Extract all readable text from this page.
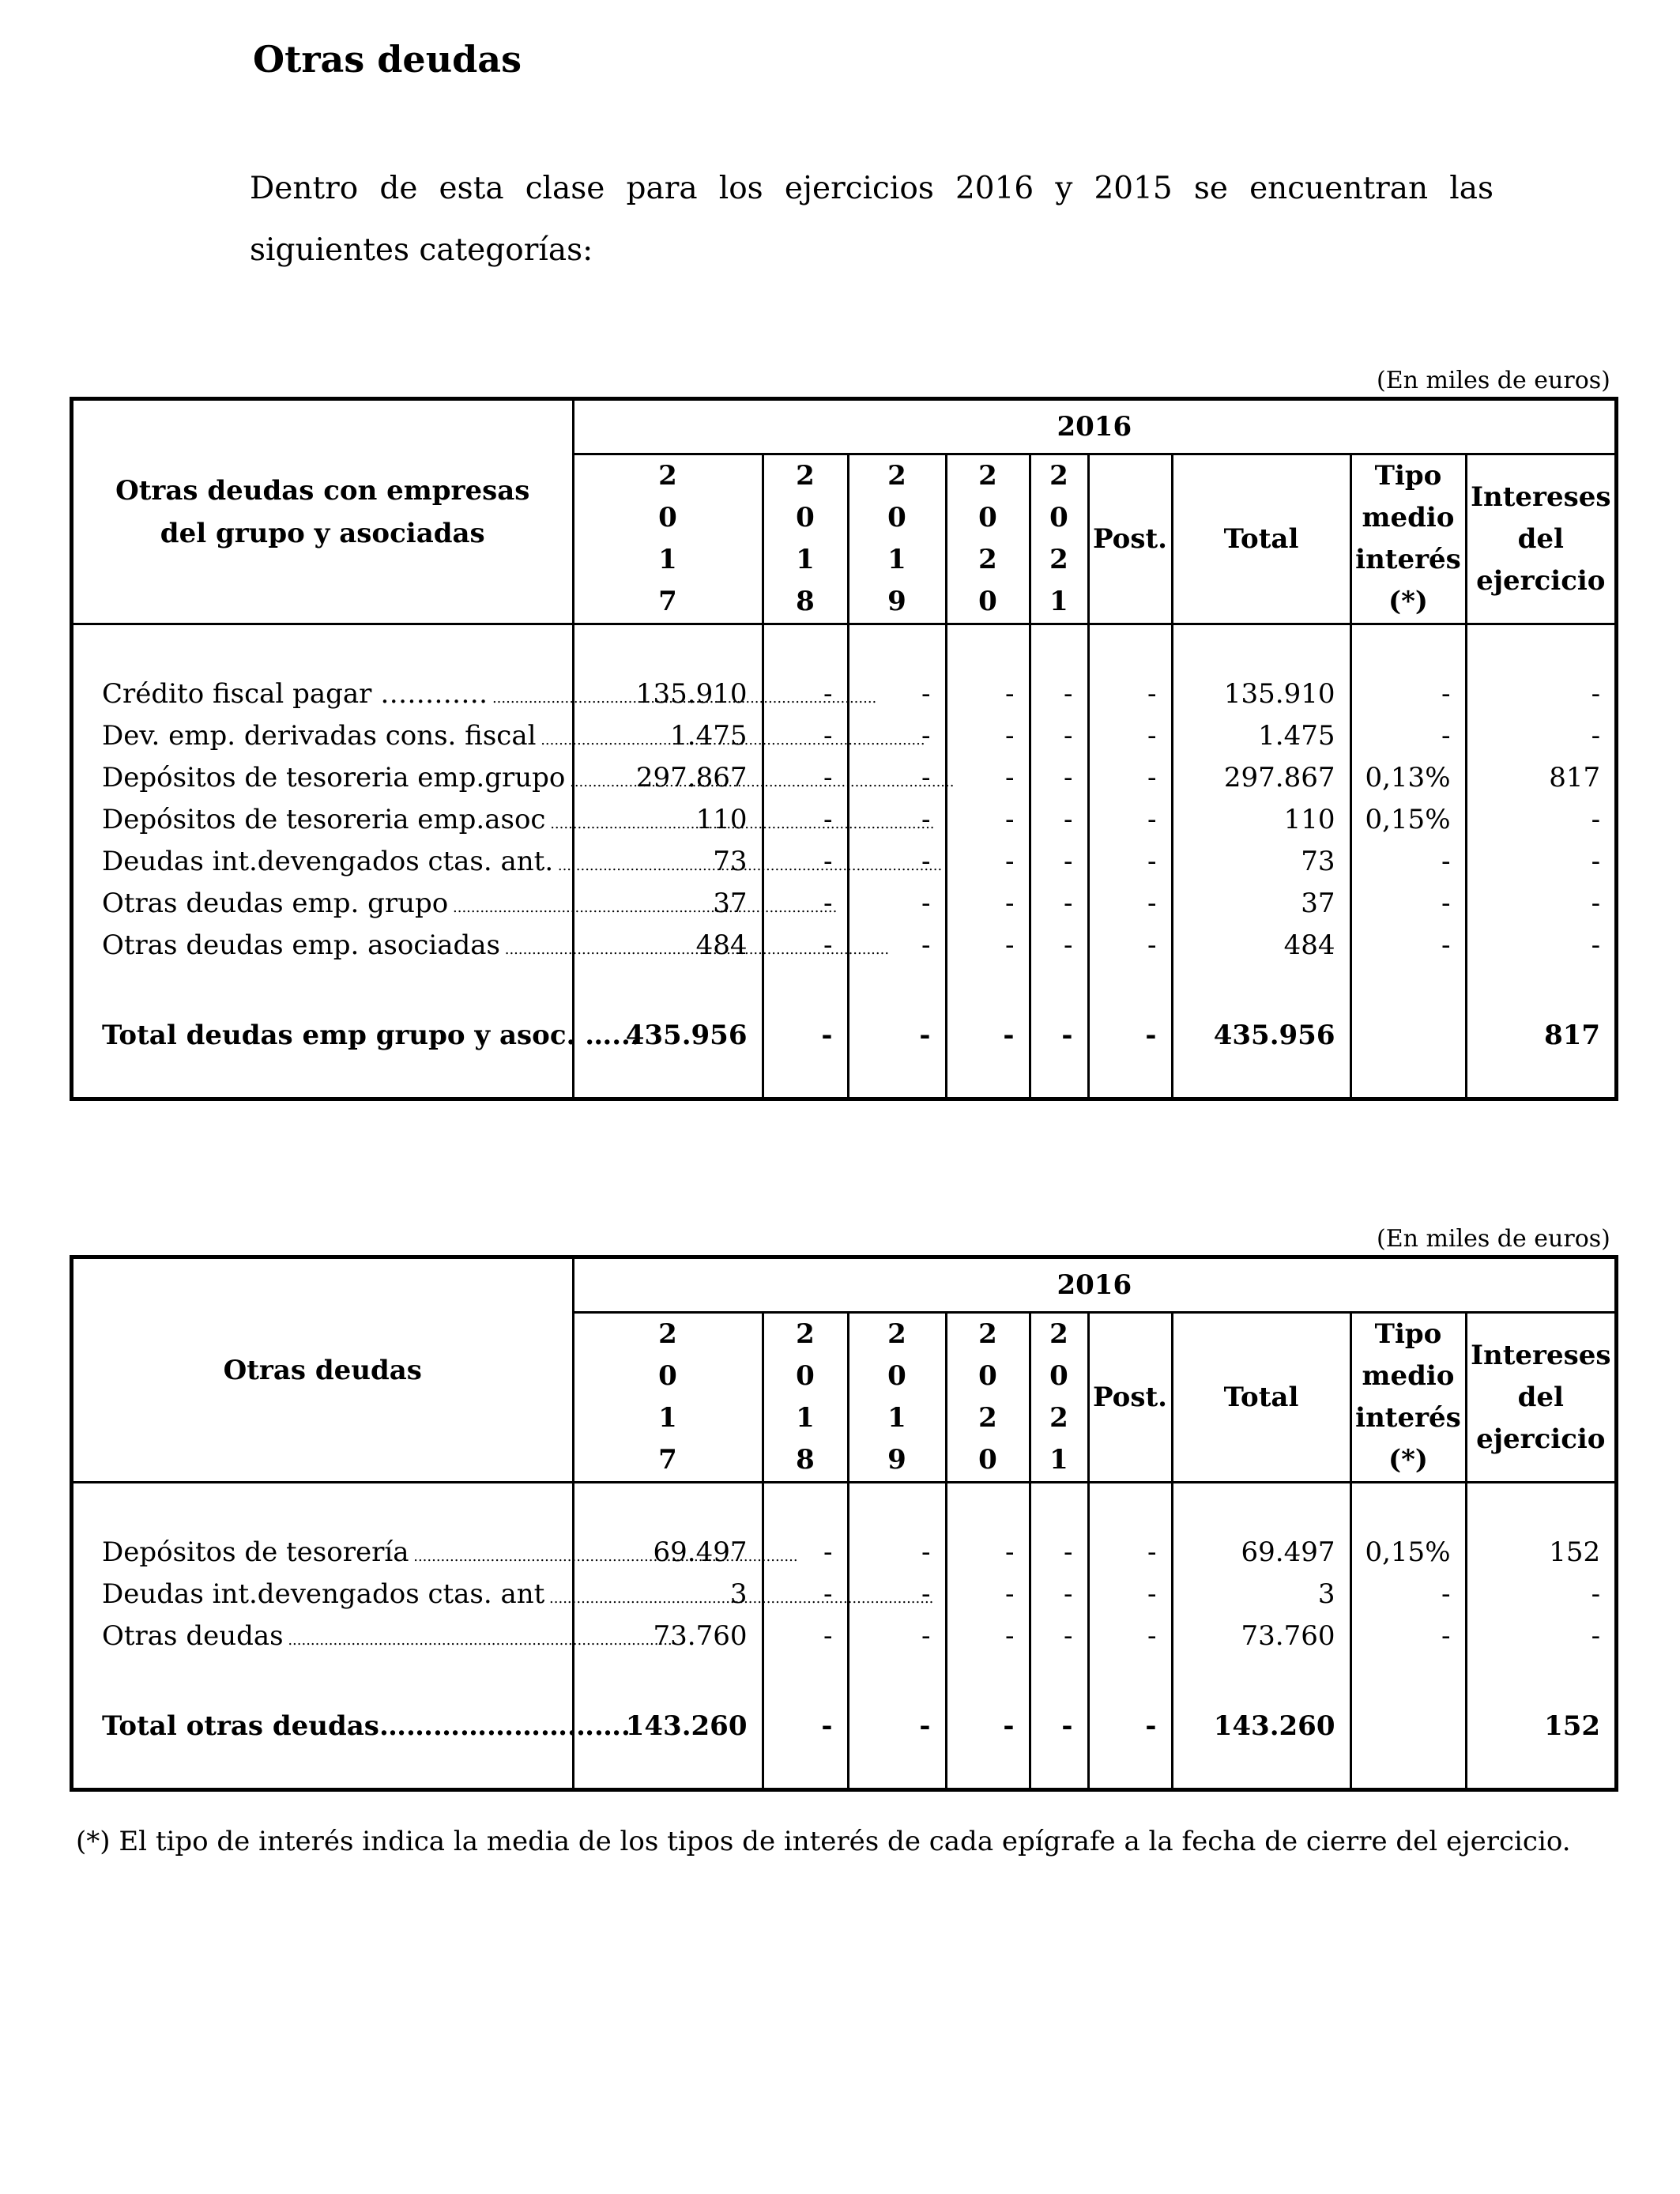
Otras deudas

Dentro de esta clase para los ejercicios 2016 y 2015 se encuentran las siguientes categorías:

(En miles de euros)
Otras deudas con empresas
del grupo y asociadas	2016								

	2
0
1
7	2
0
1
8	2
0
1
9	2
0
2
0	2
0
2
1	Post.	Total	Tipo
medio
interés
(*)	Intereses
del
ejercicio

Crédito fiscal pagar ………… .....	135.910	-	-	-	-	-	135.910	-	-
Dev. emp. derivadas cons. fiscal .....	1.475	-	-	-	-	-	1.475	-	-
Depósitos de tesoreria emp.grupo .....	297.867	-	-	-	-	-	297.867	0,13%	817
Depósitos de tesoreria emp.asoc .....	110	-	-	-	-	-	110	0,15%	-
Deudas int.devengados ctas. ant. .....	73	-	-	-	-	-	73	-	-
Otras deudas emp. grupo .....	37	-	-	-	-	-	37	-	-
Otras deudas emp. asociadas .....	484	-	-	-	-	-	484	-	-

Total deudas emp grupo y asoc. …...	435.956	-	-	-	-	-	435.956		817

(En miles de euros)
Otras deudas	2016								

	2
0
1
7	2
0
1
8	2
0
1
9	2
0
2
0	2
0
2
1	Post.	Total	Tipo
medio
interés
(*)	Intereses
del
ejercicio

Depósitos de tesorería .....	69.497	-	-	-	-	-	69.497	0,15%	152
Deudas int.devengados ctas. ant .....	3	-	-	-	-	-	3	-	-
Otras deudas .....	73.760	-	-	-	-	-	73.760	-	-

Total otras deudas……………………….	143.260	-	-	-	-	-	143.260		152

(*) El tipo de interés indica la media de los tipos de interés de cada epígrafe a la fecha de cierre del ejercicio.
